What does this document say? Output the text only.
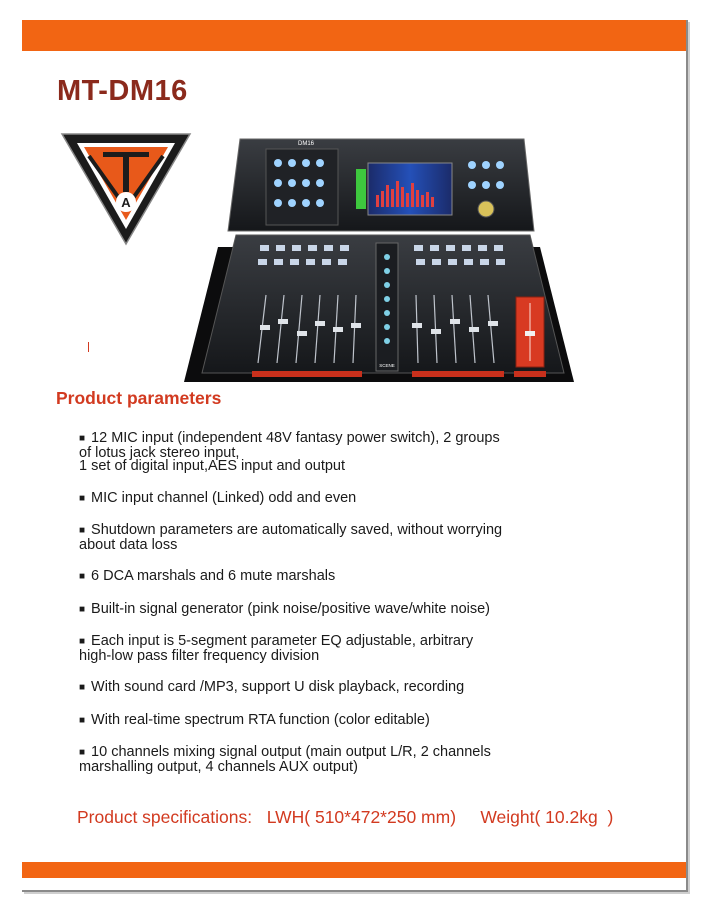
MT-DM16
A
DM16
SCENE
Product parameters

■ 12 MIC input (independent 48V fantasy power switch), 2 groups
of lotus jack stereo input,
1 set of digital input,AES input and output

■ MIC input channel (Linked) odd and even

■ Shutdown parameters are automatically saved, without worrying
about data loss

■ 6 DCA marshals and 6 mute marshals

■ Built-in signal generator (pink noise/positive wave/white noise)

■ Each input is 5-segment parameter EQ adjustable, arbitrary
high-low pass filter frequency division

■ With sound card /MP3, support U disk playback, recording

■ With real-time spectrum RTA function (color editable)

■ 10 channels mixing signal output (main output L/R, 2 channels
marshalling output, 4 channels AUX output)

Product specifications: LWH( 510*472*250 mm) Weight( 10.2kg  )
